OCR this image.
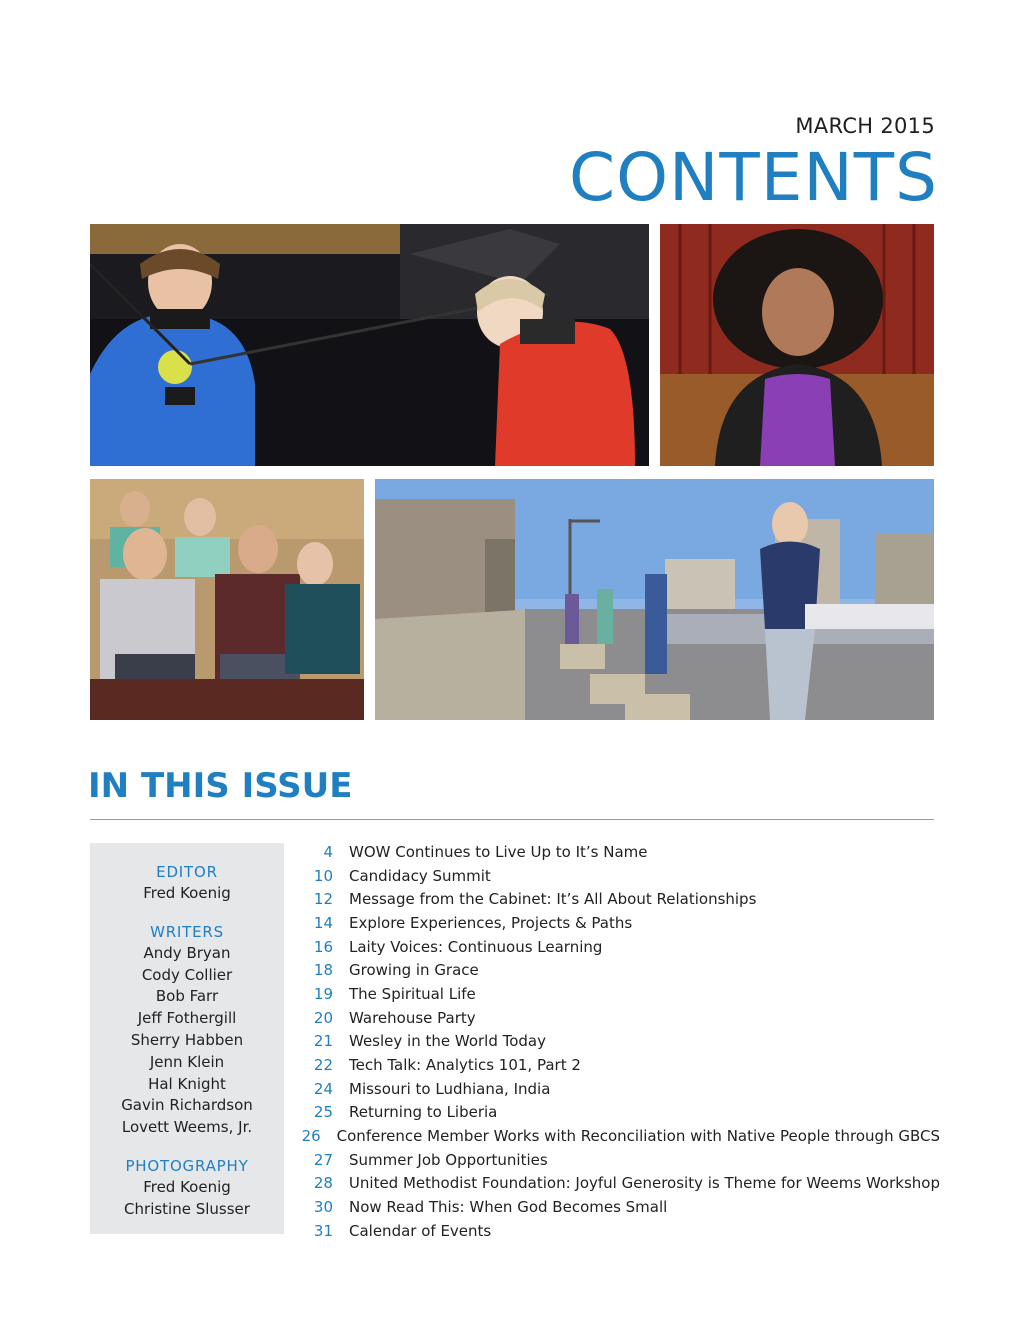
MARCH 2015
CONTENTS
IN THIS ISSUE
EDITOR
Fred Koenig
WRITERS
Andy Bryan
Cody Collier
Bob Farr
Jeff Fothergill
Sherry Habben
Jenn Klein
Hal Knight
Gavin Richardson
Lovett Weems, Jr.
PHOTOGRAPHY
Fred Koenig
Christine Slusser
4 WOW Continues to Live Up to It’s Name
10 Candidacy Summit
12 Message from the Cabinet: It’s All About Relationships
14 Explore Experiences, Projects & Paths
16 Laity Voices: Continuous Learning
18 Growing in Grace
19 The Spiritual Life
20 Warehouse Party
21 Wesley in the World Today
22 Tech Talk: Analytics 101, Part 2
24 Missouri to Ludhiana, India
25 Returning to Liberia
26 Conference Member Works with Reconciliation with Native People through GBCS
27 Summer Job Opportunities
28 United Methodist Foundation: Joyful Generosity is Theme for Weems Workshop
30 Now Read This: When God Becomes Small
31 Calendar of Events
